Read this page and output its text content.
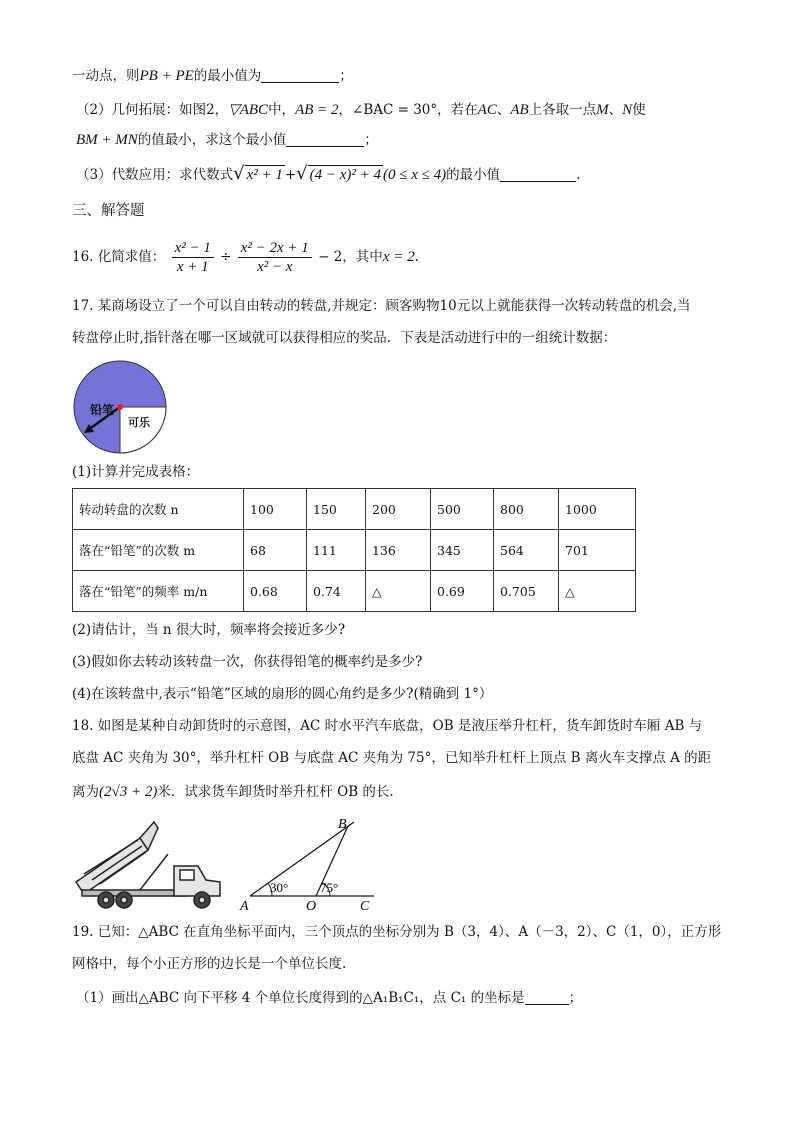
一动点，则PB + PE的最小值为	；
（2）几何拓展：如图2，▽ABC中，AB = 2，∠BAC = 30°，若在AC、AB上各取一点M、N使
BM + MN的值最小，求这个最小值	；
（3）代数应用：求代数式√ x² + 1 +√ (4 − x)² + 4 (0 ≤ x ≤ 4)的最小值	.
三、解答题
16. 化简求值： $\frac{\text{x² − 1}}{x + 1} \div \frac{\text{x² − 2x + 1}}{\text{x² − x}} - 2$，其中x = 2.
17. 某商场设立了一个可以自由转动的转盘,并规定：顾客购物10元以上就能获得一次转动转盘的机会,当
转盘停止时,指针落在哪一区域就可以获得相应的奖品．下表是活动进行中的一组统计数据：
铅笔
可乐
(1)计算并完成表格：
转动转盘的次数 n	100	150	200	500	800	1000
落在“铅笔”的次数 m	68	111	136	345	564	701
落在“铅笔”的频率 m/n	0.68	0.74	△	0.69	0.705	△
(2)请估计，当 n 很大时，频率将会接近多少?
(3)假如你去转动该转盘一次，你获得铅笔的概率约是多少?
(4)在该转盘中,表示“铅笔”区域的扇形的圆心角约是多少?(精确到 1°）
18. 如图是某种自动卸货时的示意图，AC 时水平汽车底盘，OB 是液压举升杠杆，货车卸货时车厢 AB 与
底盘 AC 夹角为 30°，举升杠杆 OB 与底盘 AC 夹角为 75°，已知举升杠杆上顶点 B 离火车支撑点 A 的距
离为(2√3 + 2)米．试求货车卸货时举升杠杆 OB 的长.
B
A	O	C
30° 75°
19. 已知：△ABC 在直角坐标平面内，三个顶点的坐标分别为 B（3，4）、A（－3，2）、C（1，0），正方形
网格中，每个小正方形的边长是一个单位长度.
（1）画出△ABC 向下平移 4 个单位长度得到的△A₁B₁C₁，点 C₁ 的坐标是	；
